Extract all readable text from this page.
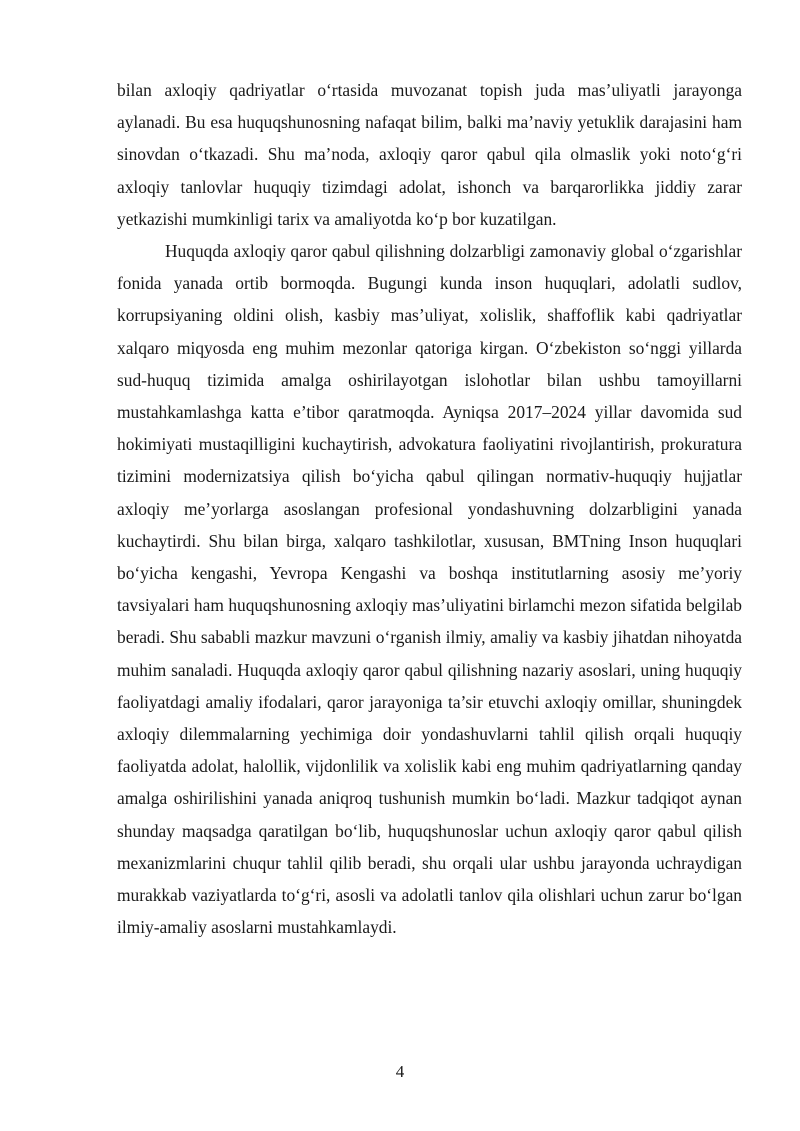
bilan axloqiy qadriyatlar o‘rtasida muvozanat topish juda mas’uliyatli jarayonga aylanadi. Bu esa huquqshunosning nafaqat bilim, balki ma’naviy yetuklik darajasini ham sinovdan o‘tkazadi. Shu ma’noda, axloqiy qaror qabul qila olmaslik yoki noto‘g‘ri axloqiy tanlovlar huquqiy tizimdagi adolat, ishonch va barqarorlikka jiddiy zarar yetkazishi mumkinligi tarix va amaliyotda ko‘p bor kuzatilgan.

Huquqda axloqiy qaror qabul qilishning dolzarbligi zamonaviy global o‘zgarishlar fonida yanada ortib bormoqda. Bugungi kunda inson huquqlari, adolatli sudlov, korrupsiyaning oldini olish, kasbiy mas’uliyat, xolislik, shaffoflik kabi qadriyatlar xalqaro miqyosda eng muhim mezonlar qatoriga kirgan. O‘zbekiston so‘nggi yillarda sud-huquq tizimida amalga oshirilayotgan islohotlar bilan ushbu tamoyillarni mustahkamlashga katta e’tibor qaratmoqda. Ayniqsa 2017–2024 yillar davomida sud hokimiyati mustaqilligini kuchaytirish, advokatura faoliyatini rivojlantirish, prokuratura tizimini modernizatsiya qilish bo‘yicha qabul qilingan normativ-huquqiy hujjatlar axloqiy me’yorlarga asoslangan profesional yondashuvning dolzarbligini yanada kuchaytirdi. Shu bilan birga, xalqaro tashkilotlar, xususan, BMTning Inson huquqlari bo‘yicha kengashi, Yevropa Kengashi va boshqa institutlarning asosiy me’yoriy tavsiyalari ham huquqshunosning axloqiy mas’uliyatini birlamchi mezon sifatida belgilab beradi. Shu sababli mazkur mavzuni o‘rganish ilmiy, amaliy va kasbiy jihatdan nihoyatda muhim sanaladi. Huquqda axloqiy qaror qabul qilishning nazariy asoslari, uning huquqiy faoliyatdagi amaliy ifodalari, qaror jarayoniga ta’sir etuvchi axloqiy omillar, shuningdek axloqiy dilemmalarning yechimiga doir yondashuvlarni tahlil qilish orqali huquqiy faoliyatda adolat, halollik, vijdonlilik va xolislik kabi eng muhim qadriyatlarning qanday amalga oshirilishini yanada aniqroq tushunish mumkin bo‘ladi. Mazkur tadqiqot aynan shunday maqsadga qaratilgan bo‘lib, huquqshunoslar uchun axloqiy qaror qabul qilish mexanizmlarini chuqur tahlil qilib beradi, shu orqali ular ushbu jarayonda uchraydigan murakkab vaziyatlarda to‘g‘ri, asosli va adolatli tanlov qila olishlari uchun zarur bo‘lgan ilmiy-amaliy asoslarni mustahkamlaydi.

4
